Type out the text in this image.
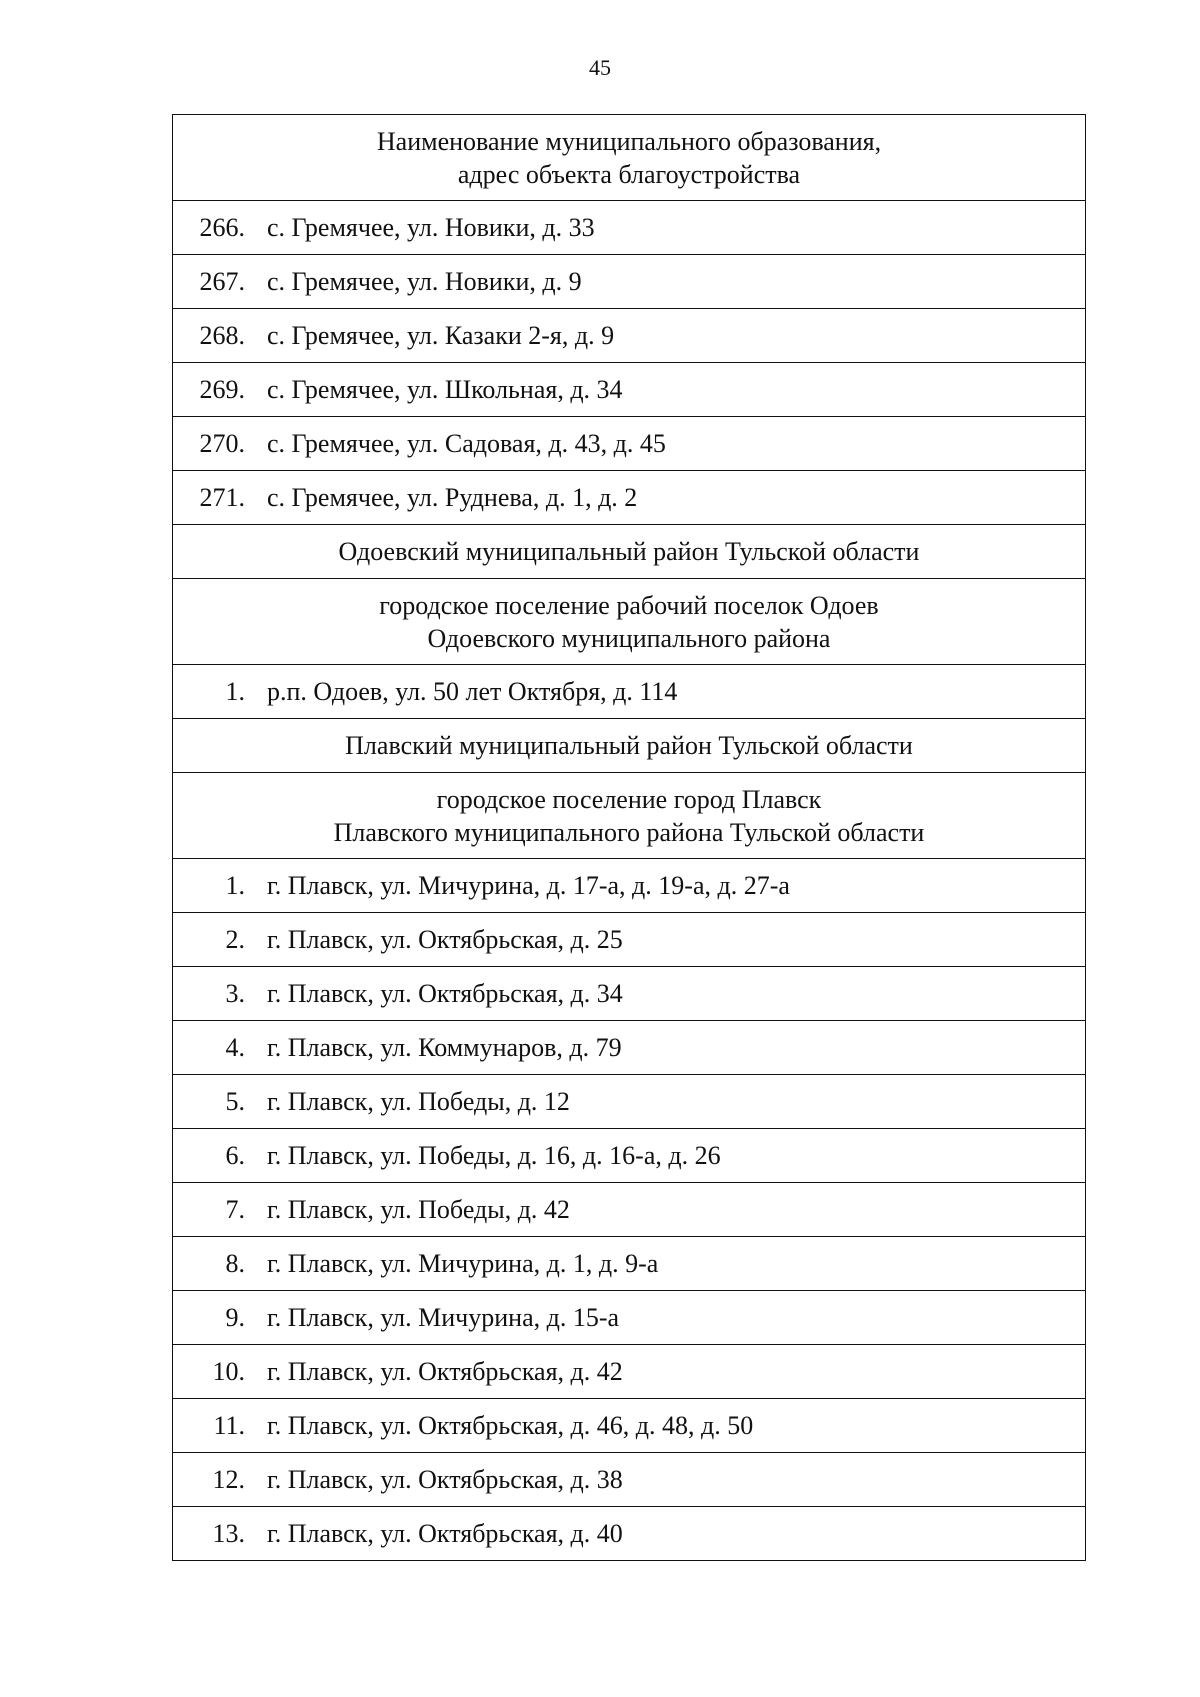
45
Наименование муниципального образования,
адрес объекта благоустройства

266. с. Гремячее, ул. Новики, д. 33
267. с. Гремячее, ул. Новики, д. 9
268. с. Гремячее, ул. Казаки 2-я, д. 9
269. с. Гремячее, ул. Школьная, д. 34
270. с. Гремячее, ул. Садовая, д. 43, д. 45
271. с. Гремячее, ул. Руднева, д. 1, д. 2

Одоевский муниципальный район Тульской области

городское поселение рабочий поселок Одоев
Одоевского муниципального района

1. р.п. Одоев, ул. 50 лет Октября, д. 114

Плавский муниципальный район Тульской области

городское поселение город Плавск
Плавского муниципального района Тульской области

1. г. Плавск, ул. Мичурина, д. 17-а, д. 19-а, д. 27-а
2. г. Плавск, ул. Октябрьская, д. 25
3. г. Плавск, ул. Октябрьская, д. 34
4. г. Плавск, ул. Коммунаров, д. 79
5. г. Плавск, ул. Победы, д. 12
6. г. Плавск, ул. Победы, д. 16, д. 16-а, д. 26
7. г. Плавск, ул. Победы, д. 42
8. г. Плавск, ул. Мичурина, д. 1, д. 9-а
9. г. Плавск, ул. Мичурина, д. 15-а
10. г. Плавск, ул. Октябрьская, д. 42
11. г. Плавск, ул. Октябрьская, д. 46, д. 48, д. 50
12. г. Плавск, ул. Октябрьская, д. 38
13. г. Плавск, ул. Октябрьская, д. 40
